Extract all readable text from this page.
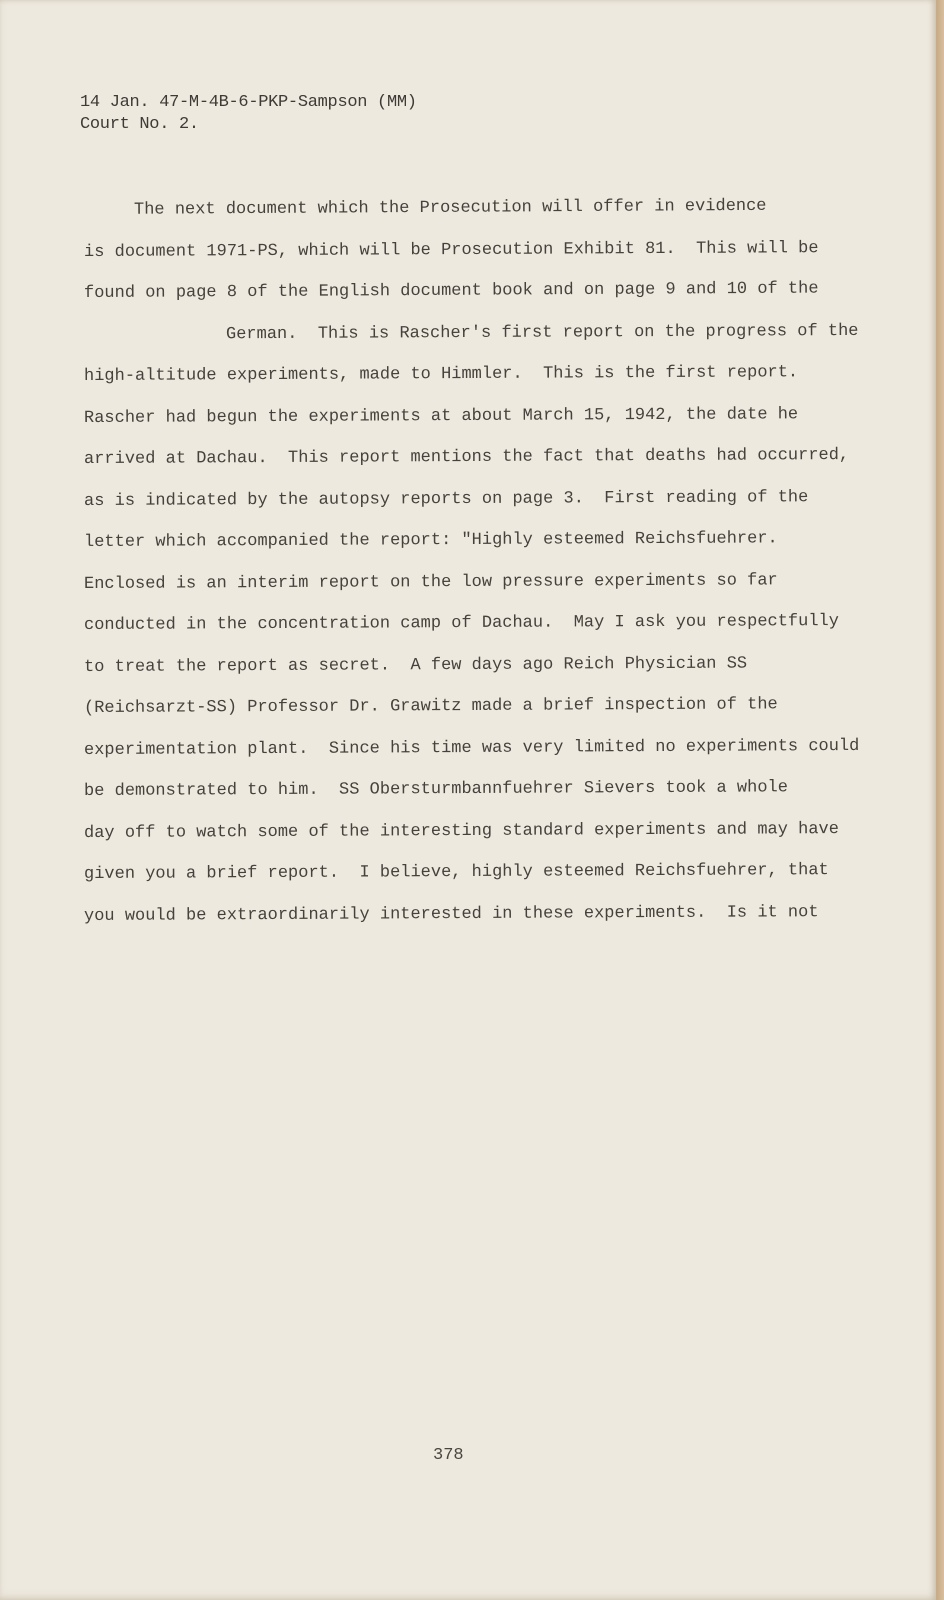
14 Jan. 47-M-4B-6-PKP-Sampson (MM)
Court No. 2.
The next document which the Prosecution will offer in evidence
is document 1971-PS, which will be Prosecution Exhibit 81.  This will be
found on page 8 of the English document book and on page 9 and 10 of the
German.  This is Rascher's first report on the progress of the
high-altitude experiments, made to Himmler.  This is the first report.
Rascher had begun the experiments at about March 15, 1942, the date he
arrived at Dachau.  This report mentions the fact that deaths had occurred,
as is indicated by the autopsy reports on page 3.  First reading of the
letter which accompanied the report: "Highly esteemed Reichsfuehrer.
Enclosed is an interim report on the low pressure experiments so far
conducted in the concentration camp of Dachau.  May I ask you respectfully
to treat the report as secret.  A few days ago Reich Physician SS
(Reichsarzt-SS) Professor Dr. Grawitz made a brief inspection of the
experimentation plant.  Since his time was very limited no experiments could
be demonstrated to him.  SS Obersturmbannfuehrer Sievers took a whole
day off to watch some of the interesting standard experiments and may have
given you a brief report.  I believe, highly esteemed Reichsfuehrer, that
you would be extraordinarily interested in these experiments.  Is it not
378
